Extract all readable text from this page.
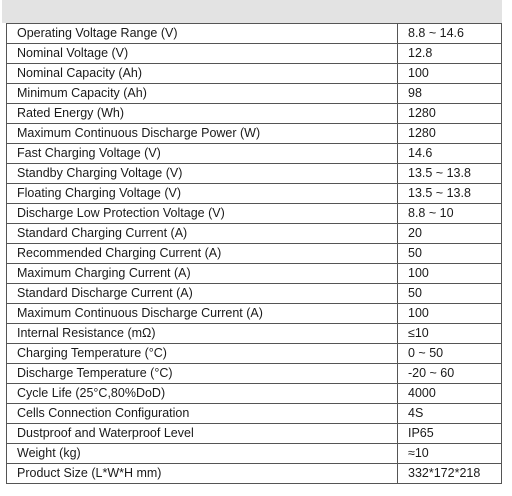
Operating Voltage Range (V)	8.8 ~ 14.6
Nominal Voltage (V)	12.8
Nominal Capacity (Ah)	100
Minimum Capacity (Ah)	98
Rated Energy (Wh)	1280
Maximum Continuous Discharge Power (W)	1280
Fast Charging Voltage (V)	14.6
Standby Charging Voltage (V)	13.5 ~ 13.8
Floating Charging Voltage (V)	13.5 ~ 13.8
Discharge Low Protection Voltage (V)	8.8 ~ 10
Standard Charging Current (A)	20
Recommended Charging Current (A)	50
Maximum Charging Current (A)	100
Standard Discharge Current (A)	50
Maximum Continuous Discharge Current (A)	100
Internal Resistance (mΩ)	≤10
Charging Temperature (°C)	0 ~ 50
Discharge Temperature (°C)	-20 ~ 60
Cycle Life (25°C,80%DoD)	4000
Cells Connection Configuration	4S
Dustproof and Waterproof Level	IP65
Weight (kg)	≈10
Product Size (L*W*H mm)	332*172*218
